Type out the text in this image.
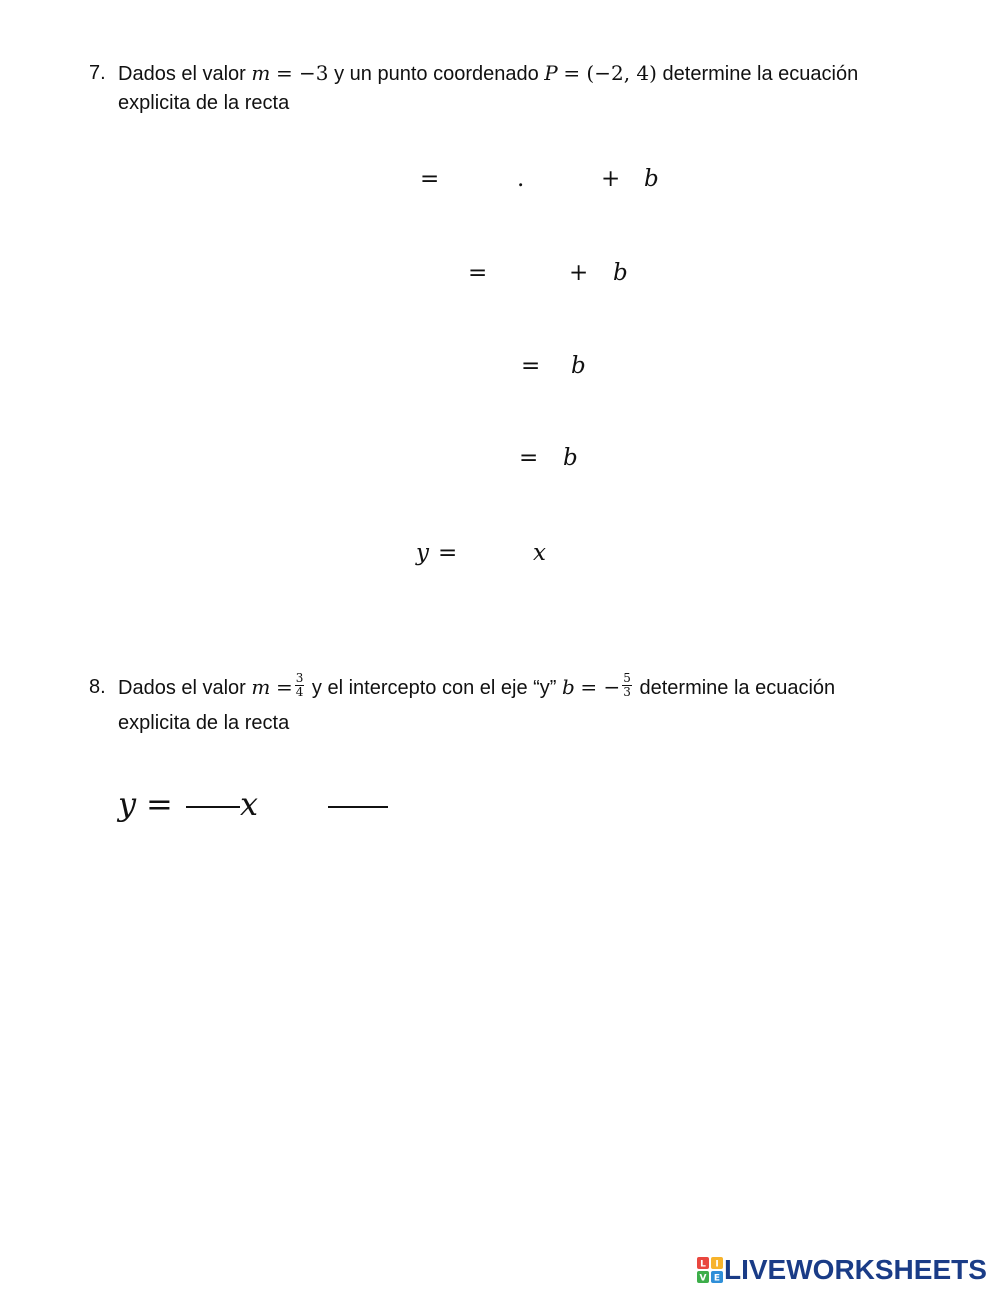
7. Dados el valor m = −3 y un punto coordenado P = (−2, 4) determine la ecuación
explicita de la recta
=	.	+ b
=	+ b
= b
= b
y =	x
8. Dados el valor $m = \frac{3}{4}$ y el intercepto con el eje “y” b = − $\frac{5}{3}$ determine la ecuación
explicita de la recta
y = x
L I
V E LIVEWORKSHEETS
